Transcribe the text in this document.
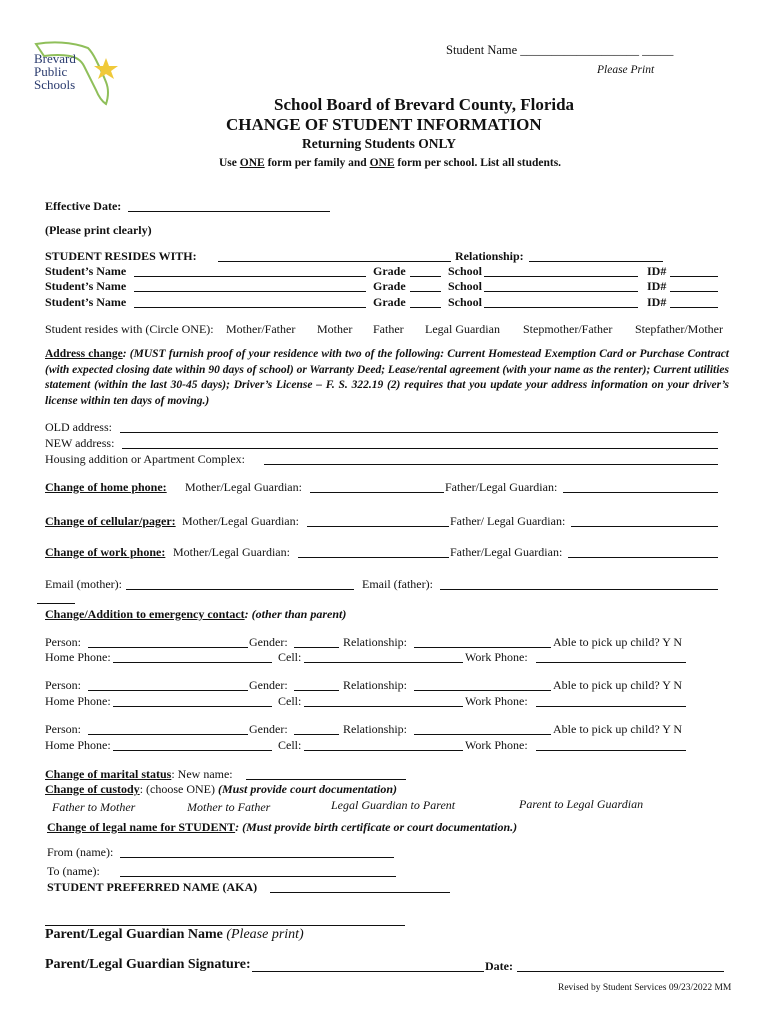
Brevard
Public
Schools
Student Name ___________________ _____
Please Print
School Board of Brevard County, Florida
CHANGE OF STUDENT INFORMATION
Returning Students ONLY
Use ONE form per family and ONE form per school. List all students.
Effective Date:
(Please print clearly)
STUDENT RESIDES WITH:	Relationship:
Student’s Name	Grade	School	ID#
Student’s Name	Grade	School	ID#
Student’s Name	Grade	School	ID#
Student resides with (Circle ONE): Mother/Father Mother Father Legal Guardian Stepmother/Father Stepfather/Mother
Address change: (MUST furnish proof of your residence with two of the following: Current Homestead Exemption Card or Purchase Contract (with expected closing date within 90 days of school) or Warranty Deed; Lease/rental agreement (with your name as the renter); Current utilities statement (within the last 30-45 days); Driver’s License – F. S. 322.19 (2) requires that you update your address information on your driver’s license within ten days of moving.)
OLD address:
NEW address:
Housing addition or Apartment Complex:
Change of home phone: Mother/Legal Guardian:	Father/Legal Guardian:
Change of cellular/pager: Mother/Legal Guardian:	Father/ Legal Guardian:
Change of work phone: Mother/Legal Guardian:	Father/Legal Guardian:
Email (mother):	Email (father):
Change/Addition to emergency contact: (other than parent)
Person:	Gender:	Relationship:	Able to pick up child? Y N
Home Phone:	Cell:	Work Phone:
Person:	Gender:	Relationship:	Able to pick up child? Y N
Home Phone:	Cell:	Work Phone:
Person:	Gender:	Relationship:	Able to pick up child? Y N
Home Phone:	Cell:	Work Phone:
Change of marital status: New name:
Change of custody: (choose ONE) (Must provide court documentation)
Father to Mother	Mother to Father	Legal Guardian to Parent	Parent to Legal Guardian
Change of legal name for STUDENT: (Must provide birth certificate or court documentation.)
From (name):
To (name):
STUDENT PREFERRED NAME (AKA)
Parent/Legal Guardian Name (Please print)
Parent/Legal Guardian Signature:	Date:
Revised by Student Services 09/23/2022 MM
